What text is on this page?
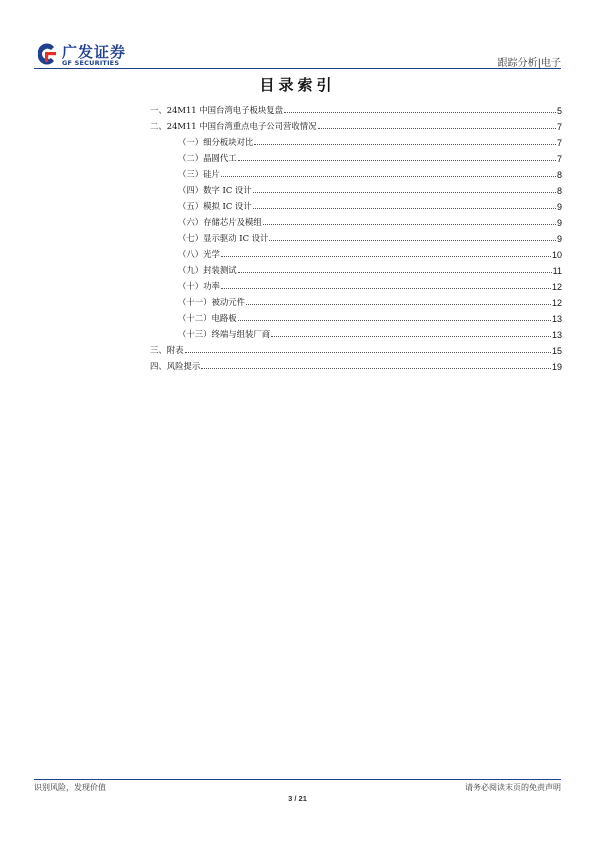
广发证券
GF SECURITIES	跟踪分析|电子
目录索引
一、24M11 中国台湾电子板块复盘	5
二、24M11 中国台湾重点电子公司营收情况	7
（一）细分板块对比	7
（二）晶圆代工	7
（三）硅片	8
（四）数字 IC 设计	8
（五）模拟 IC 设计	9
（六）存储芯片及模组	9
（七）显示驱动 IC 设计	9
（八）光学	10
（九）封装测试	11
（十）功率	12
（十一）被动元件	12
（十二）电路板	13
（十三）终端与组装厂商	13
三、附表	15
四、风险提示	19
识别风险，发现价值	请务必阅读末页的免责声明
3 / 21
